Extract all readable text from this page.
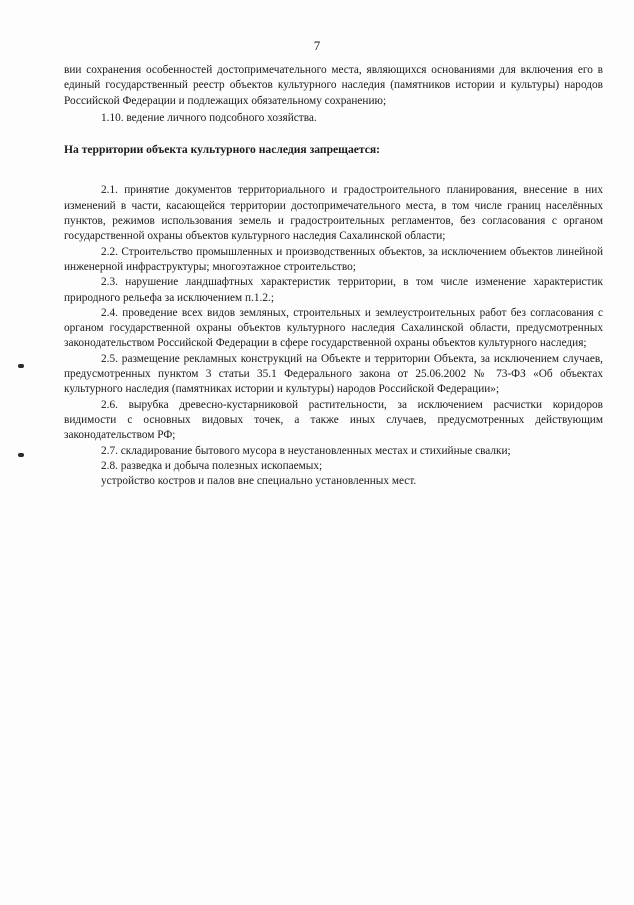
7

вии сохранения особенностей достопримечательного места, являющихся основаниями для включения его в единый государственный реестр объектов культурного наследия (памятников истории и культуры) народов Российской Федерации и подлежащих обязательному сохранению;

1.10. ведение личного подсобного хозяйства.

На территории объекта культурного наследия запрещается:

2.1. принятие документов территориального и градостроительного планирования, внесение в них изменений в части, касающейся территории достопримечательного места, в том числе границ населённых пунктов, режимов использования земель и градостроительных регламентов, без согласования с органом государственной охраны объектов культурного наследия Сахалинской области;

2.2. Строительство промышленных и производственных объектов, за исключением объектов линейной инженерной инфраструктуры; многоэтажное строительство;

2.3. нарушение ландшафтных характеристик территории, в том числе изменение характеристик природного рельефа за исключением п.1.2.;

2.4. проведение всех видов земляных, строительных и землеустроительных работ без согласования с органом государственной охраны объектов культурного наследия Сахалинской области, предусмотренных законодательством Российской Федерации в сфере государственной охраны объектов культурного наследия;

2.5. размещение рекламных конструкций на Объекте и территории Объекта, за исключением случаев, предусмотренных пунктом 3 статьи 35.1 Федерального закона от 25.06.2002 № 73-ФЗ «Об объектах культурного наследия (памятниках истории и культуры) народов Российской Федерации»;

2.6. вырубка древесно-кустарниковой растительности, за исключением расчистки коридоров видимости с основных видовых точек, а также иных случаев, предусмотренных действующим законодательством РФ;

2.7. складирование бытового мусора в неустановленных местах и стихийные свалки;

2.8. разведка и добыча полезных ископаемых;

устройство костров и палов вне специально установленных мест.
